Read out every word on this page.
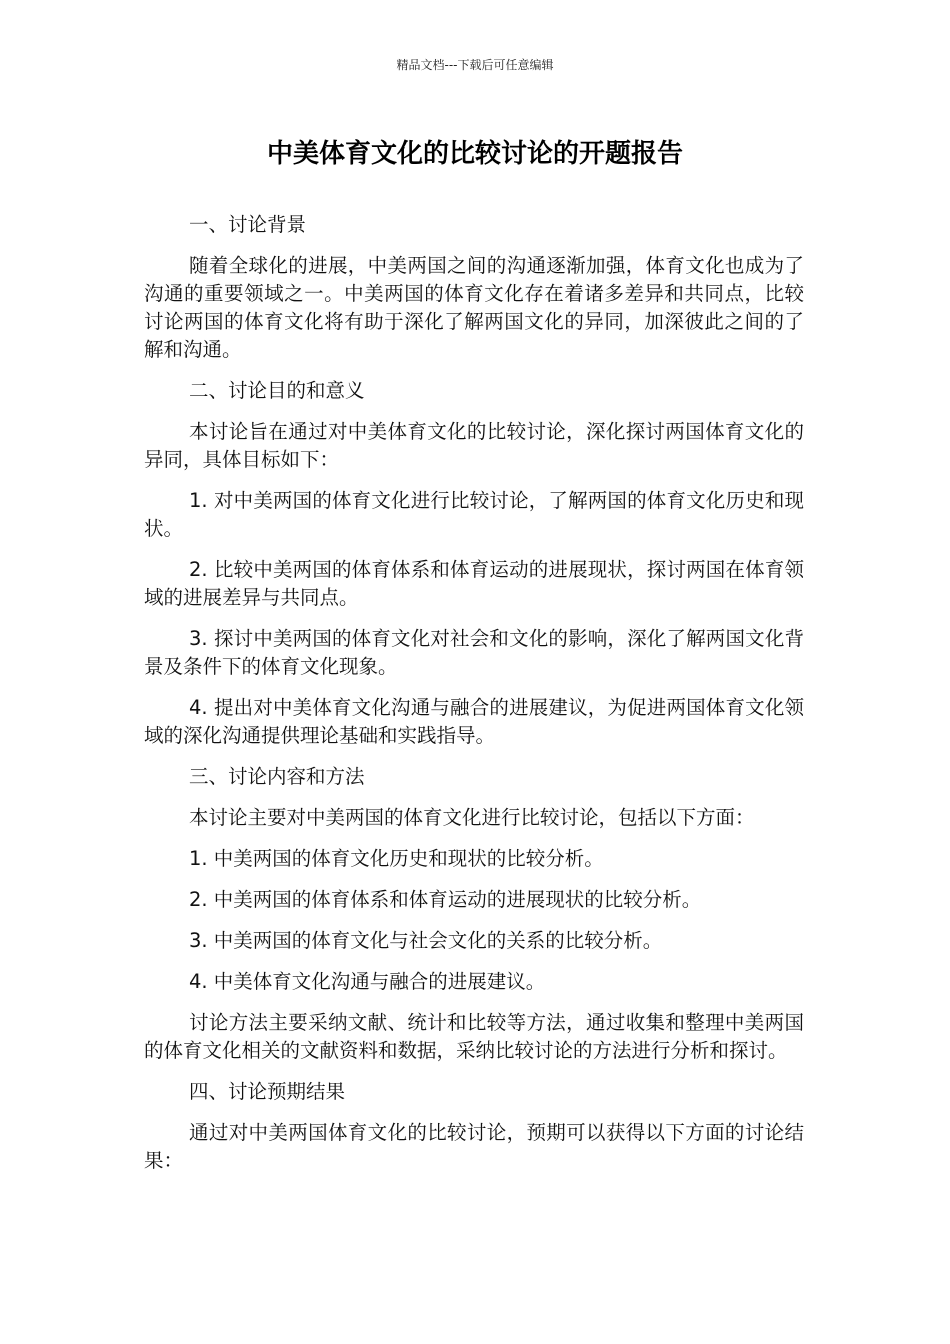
精品文档---下载后可任意编辑
中美体育文化的比较讨论的开题报告

一、讨论背景

随着全球化的进展，中美两国之间的沟通逐渐加强，体育文化也成为了沟通的重要领域之一。中美两国的体育文化存在着诸多差异和共同点，比较讨论两国的体育文化将有助于深化了解两国文化的异同，加深彼此之间的了解和沟通。

二、讨论目的和意义

本讨论旨在通过对中美体育文化的比较讨论，深化探讨两国体育文化的异同，具体目标如下：

1. 对中美两国的体育文化进行比较讨论，了解两国的体育文化历史和现状。

2. 比较中美两国的体育体系和体育运动的进展现状，探讨两国在体育领域的进展差异与共同点。

3. 探讨中美两国的体育文化对社会和文化的影响，深化了解两国文化背景及条件下的体育文化现象。

4. 提出对中美体育文化沟通与融合的进展建议，为促进两国体育文化领域的深化沟通提供理论基础和实践指导。

三、讨论内容和方法

本讨论主要对中美两国的体育文化进行比较讨论，包括以下方面：

1. 中美两国的体育文化历史和现状的比较分析。

2. 中美两国的体育体系和体育运动的进展现状的比较分析。

3. 中美两国的体育文化与社会文化的关系的比较分析。

4. 中美体育文化沟通与融合的进展建议。

讨论方法主要采纳文献、统计和比较等方法，通过收集和整理中美两国的体育文化相关的文献资料和数据，采纳比较讨论的方法进行分析和探讨。

四、讨论预期结果

通过对中美两国体育文化的比较讨论，预期可以获得以下方面的讨论结果：
